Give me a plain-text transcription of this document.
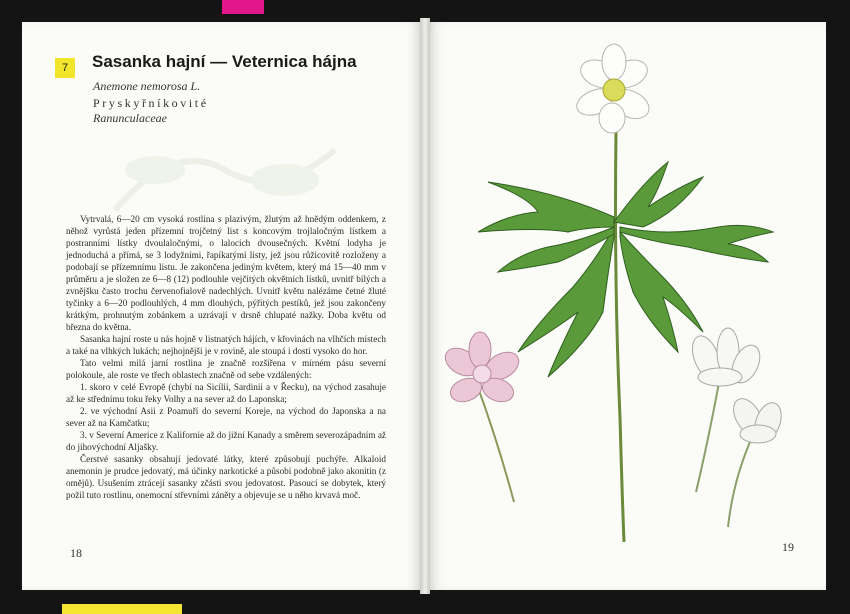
7	Sasanka hajní — Veternica hájna
Anemone nemorosa L.
Pryskyřníkovité
Ranunculaceae

Vytrvalá, 6—20 cm vysoká rostlina s plazivým, žlutým až hnědým oddenkem, z něhož vyrůstá jeden přízemní trojčetný list s koncovým trojlaločným lístkem a postranními lístky dvoulaločnými, o lalocích dvousečných. Květní lodyha je jednoduchá a přímá, se 3 lodyžními, řapíkatými listy, jež jsou růžicovitě rozloženy a podobají se přízemnímu listu. Je zakončena jediným květem, který má 15—40 mm v průměru a je složen ze 6—8 (12) podlouhle vejčitých okvětních lístků, uvnitř bílých a zvnějšku často trochu červenofialově nadechlých. Uvnitř květu nalézáme četné žluté tyčinky a 6—20 podlouhlých, 4 mm dlouhých, pýřitých pestíků, jež jsou zakončeny krátkým, prohnutým zobánkem a uzrávají v drsně chlupaté nažky. Doba květu od března do května.

Sasanka hajní roste u nás hojně v listnatých hájích, v křovinách na vlhčích místech a také na vlhkých lukách; nejhojnější je v rovině, ale stoupá i dosti vysoko do hor.

Tato velmi milá jarní rostlina je značně rozšířena v mírném pásu severní polokoule, ale roste ve třech oblastech značně od sebe vzdálených:

1. skoro v celé Evropě (chybí na Sicílii, Sardinii a v Řecku), na východ zasahuje až ke střednímu toku řeky Volhy a na sever až do Laponska;

2. ve východní Asii z Poamuří do severní Koreje, na východ do Japonska a na sever až na Kamčatku;

3. v Severní Americe z Kalifornie až do jižní Kanady a směrem severozápadním až do jihovýchodní Aljašky.

Čerstvé sasanky obsahují jedovaté látky, které způsobují puchýře. Alkaloid anemonin je prudce jedovatý, má účinky narkotické a působí podobně jako akonitin (z omějů). Usušením ztrácejí sasanky zčásti svou jedovatost. Pasoucí se dobytek, který požil tuto rostlinu, onemocní střevními záněty a objevuje se u něho krvavá moč.

18	19
